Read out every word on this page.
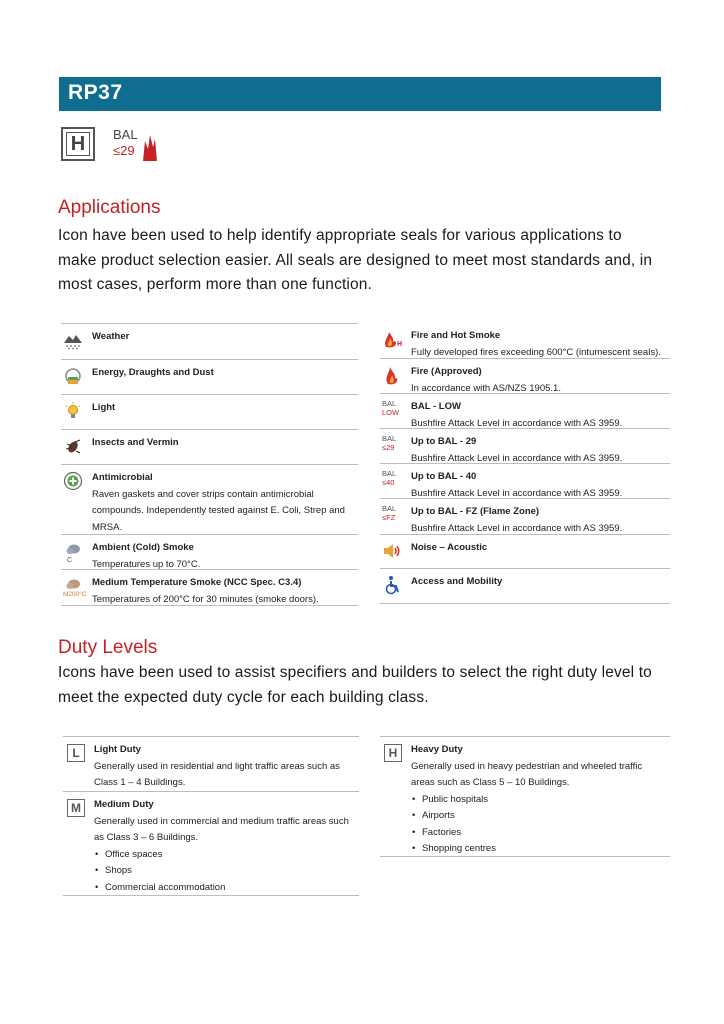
RP37
H	BAL
≤29
Applications
Icon have been used to help identify appropriate seals for various applications to make product selection easier. All seals are designed to meet most standards and, in most cases, perform more than one function.
Weather
Energy, Draughts and Dust
Light
Insects and Vermin
Antimicrobial
Raven gaskets and cover strips contain antimicrobial compounds. Independently tested against E. Coli, Strep and MRSA.
C
Ambient (Cold) Smoke
Temperatures up to 70°C.
M200°C
Medium Temperature Smoke (NCC Spec. C3.4)
Temperatures of 200°C for 30 minutes (smoke doors).
H
Fire and Hot Smoke
Fully developed fires exceeding 600°C (intumescent seals).
Fire (Approved)
In accordance with AS/NZS 1905.1.
BAL
LOW	BAL - LOW
Bushfire Attack Level in accordance with AS 3959.
BAL
≤29	Up to BAL - 29
Bushfire Attack Level in accordance with AS 3959.
BAL
≤40	Up to BAL - 40
Bushfire Attack Level in accordance with AS 3959.
BAL
≤FZ	Up to BAL - FZ (Flame Zone)
Bushfire Attack Level in accordance with AS 3959.
Noise – Acoustic
Access and Mobility
Duty Levels
Icons have been used to assist specifiers and builders to select the right duty level to meet the expected duty cycle for each building class.
L	Light Duty
Generally used in residential and light traffic areas such as Class 1 – 4 Buildings.
M	Medium Duty
Generally used in commercial and medium traffic areas such as Class 3 – 6 Buildings.
• Office spaces
• Shops
• Commercial accommodation
H	Heavy Duty
Generally used in heavy pedestrian and wheeled traffic areas such as Class 5 – 10 Buildings.
• Public hospitals
• Airports
• Factories
• Shopping centres
